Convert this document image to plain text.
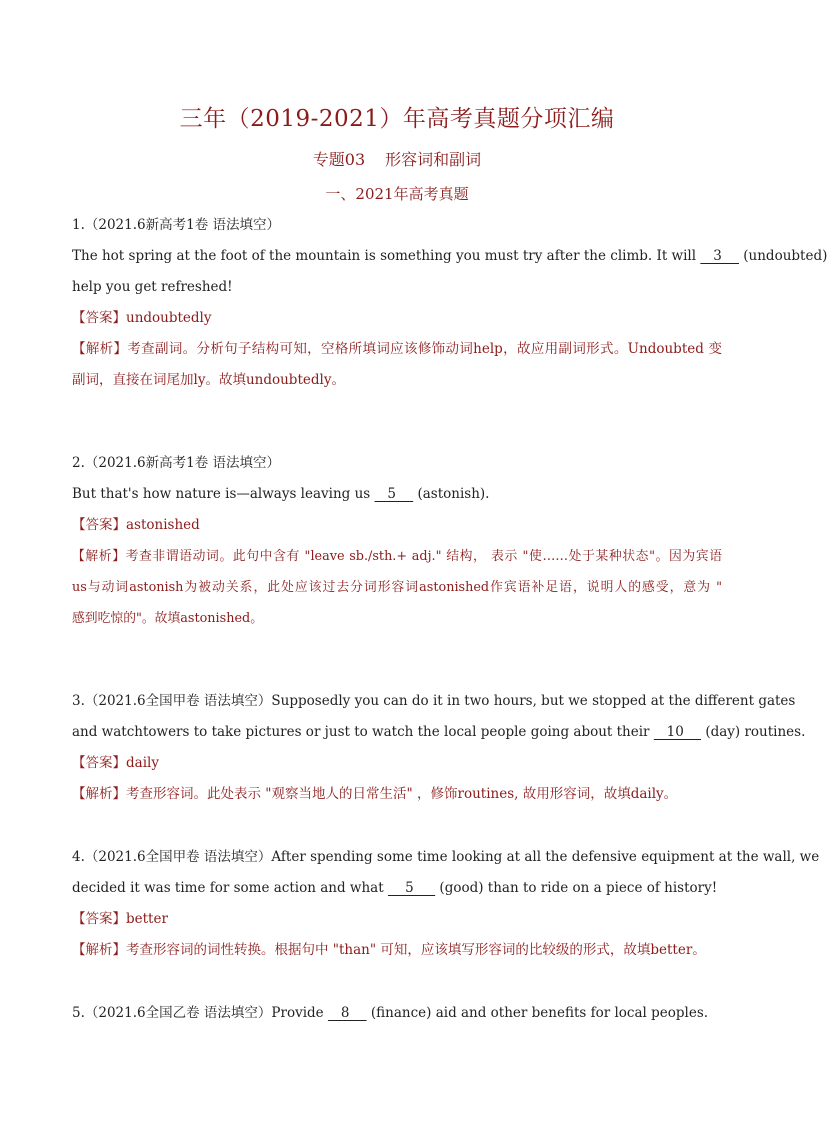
三年（2019-2021）年高考真题分项汇编
专题03 形容词和副词
一、2021年高考真题
1.（2021.6新高考1卷 语法填空）
The hot spring at the foot of the mountain is something you must try after the climb. It will    3     (undoubted)
help you get refreshed!
【答案】undoubtedly
【解析】考查副词。分析句子结构可知，空格所填词应该修饰动词help，故应用副词形式。Undoubted 变
副词，直接在词尾加ly。故填undoubtedly。
2.（2021.6新高考1卷 语法填空）
But that's how nature is—always leaving us    5     (astonish).
【答案】astonished
【解析】考查非谓语动词。此句中含有 "leave sb./sth.+ adj." 结构， 表示 "使……处于某种状态"。因为宾语
us与动词astonish为被动关系，此处应该过去分词形容词astonished作宾语补足语，说明人的感受，意为 "
感到吃惊的"。故填astonished。
3.（2021.6全国甲卷 语法填空）Supposedly you can do it in two hours, but we stopped at the different gates
and watchtowers to take pictures or just to watch the local people going about their    10     (day) routines.
【答案】daily
【解析】考查形容词。此处表示 "观察当地人的日常生活" ，修饰routines, 故用形容词，故填daily。
4.（2021.6全国甲卷 语法填空）After spending some time looking at all the defensive equipment at the wall, we
decided it was time for some action and what     5      (good) than to ride on a piece of history!
【答案】better
【解析】考查形容词的词性转换。根据句中 "than" 可知，应该填写形容词的比较级的形式，故填better。
5.（2021.6全国乙卷 语法填空）Provide    8     (finance) aid and other benefits for local peoples.
